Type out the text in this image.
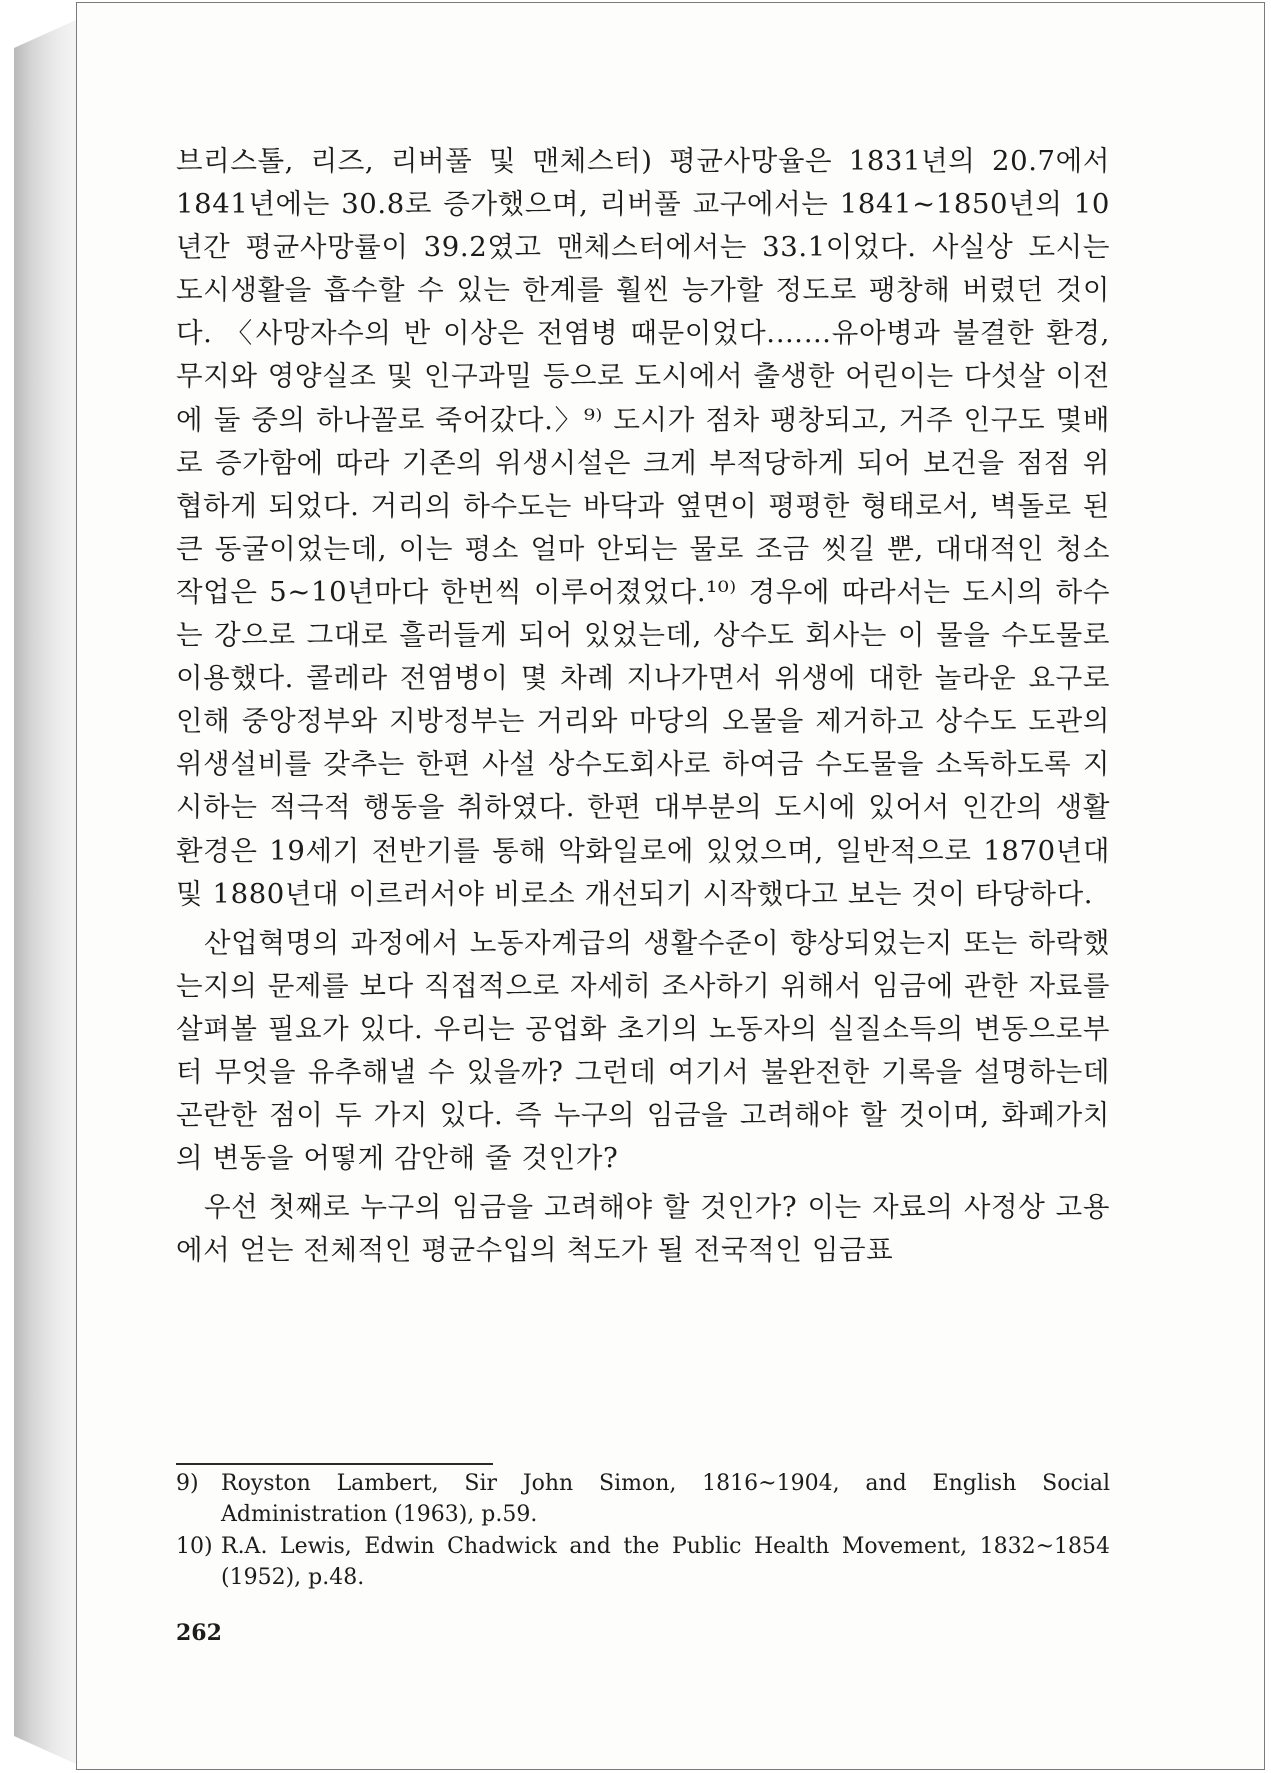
브리스톨, 리즈, 리버풀 및 맨체스터) 평균사망율은 1831년의 20.7에서 1841년에는 30.8로 증가했으며, 리버풀 교구에서는 1841~1850년의 10년간 평균사망률이 39.2였고 맨체스터에서는 33.1이었다. 사실상 도시는 도시생활을 흡수할 수 있는 한계를 훨씬 능가할 정도로 팽창해 버렸던 것이다. 〈사망자수의 반 이상은 전염병 때문이었다.……유아병과 불결한 환경, 무지와 영양실조 및 인구과밀 등으로 도시에서 출생한 어린이는 다섯살 이전에 둘 중의 하나꼴로 죽어갔다.〉⁹⁾ 도시가 점차 팽창되고, 거주 인구도 몇배로 증가함에 따라 기존의 위생시설은 크게 부적당하게 되어 보건을 점점 위협하게 되었다. 거리의 하수도는 바닥과 옆면이 평평한 형태로서, 벽돌로 된 큰 동굴이었는데, 이는 평소 얼마 안되는 물로 조금 씻길 뿐, 대대적인 청소작업은 5~10년마다 한번씩 이루어졌었다.¹⁰⁾ 경우에 따라서는 도시의 하수는 강으로 그대로 흘러들게 되어 있었는데, 상수도 회사는 이 물을 수도물로 이용했다. 콜레라 전염병이 몇 차례 지나가면서 위생에 대한 놀라운 요구로 인해 중앙정부와 지방정부는 거리와 마당의 오물을 제거하고 상수도 도관의 위생설비를 갖추는 한편 사설 상수도회사로 하여금 수도물을 소독하도록 지시하는 적극적 행동을 취하였다. 한편 대부분의 도시에 있어서 인간의 생활환경은 19세기 전반기를 통해 악화일로에 있었으며, 일반적으로 1870년대 및 1880년대 이르러서야 비로소 개선되기 시작했다고 보는 것이 타당하다.

산업혁명의 과정에서 노동자계급의 생활수준이 향상되었는지 또는 하락했는지의 문제를 보다 직접적으로 자세히 조사하기 위해서 임금에 관한 자료를 살펴볼 필요가 있다. 우리는 공업화 초기의 노동자의 실질소득의 변동으로부터 무엇을 유추해낼 수 있을까? 그런데 여기서 불완전한 기록을 설명하는데 곤란한 점이 두 가지 있다. 즉 누구의 임금을 고려해야 할 것이며, 화폐가치의 변동을 어떻게 감안해 줄 것인가?

우선 첫째로 누구의 임금을 고려해야 할 것인가? 이는 자료의 사정상 고용에서 얻는 전체적인 평균수입의 척도가 될 전국적인 임금표

9) Royston Lambert, Sir John Simon, 1816~1904, and English Social Administration (1963), p.59.

10) R.A. Lewis, Edwin Chadwick and the Public Health Movement, 1832~1854 (1952), p.48.

262
